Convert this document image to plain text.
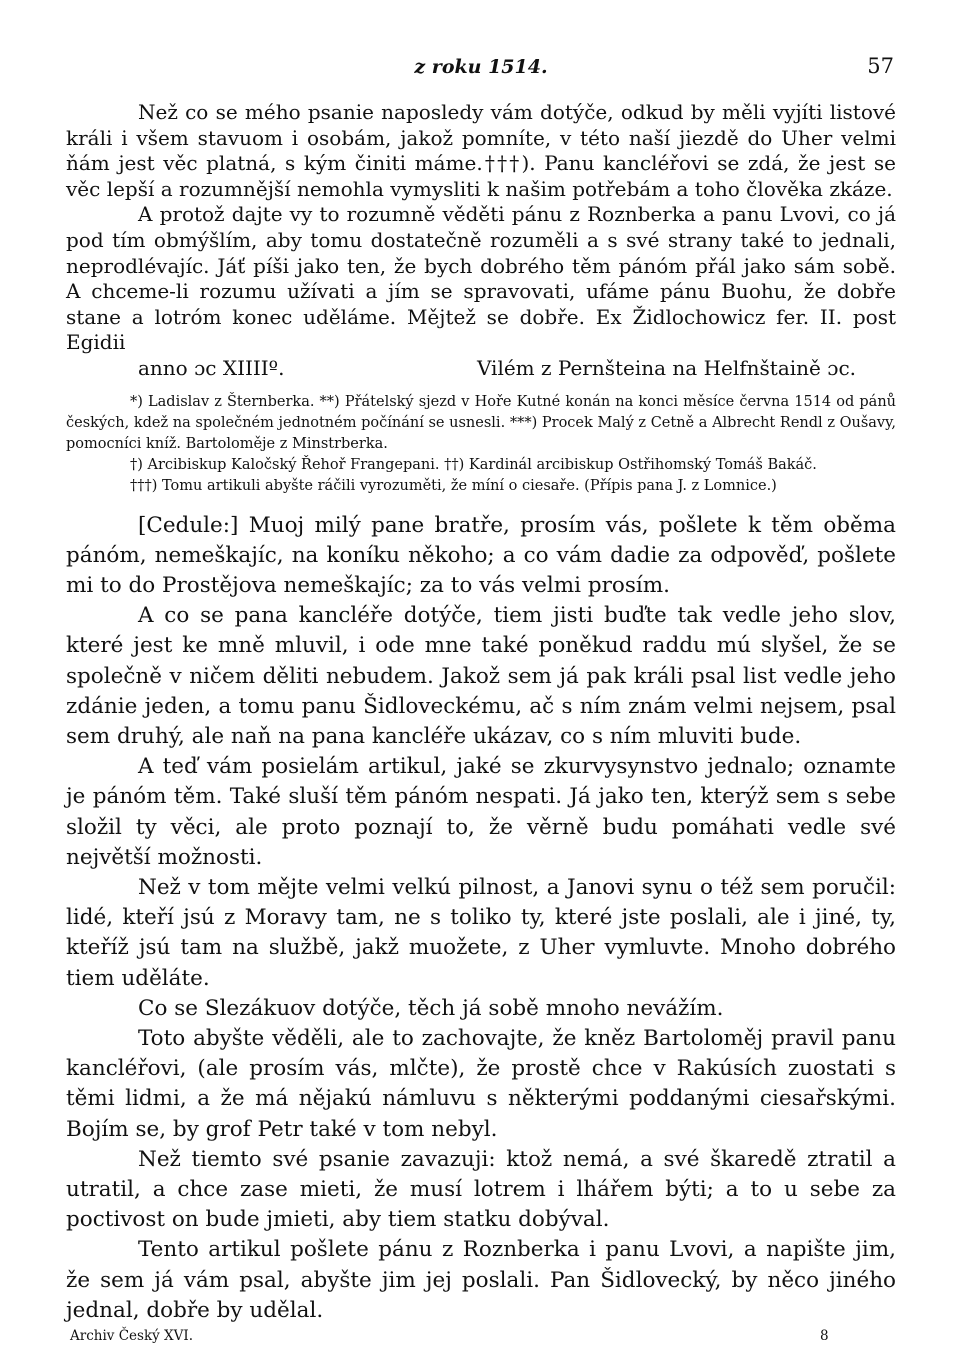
z roku 1514.	57

Než co se mého psanie naposledy vám dotýče, odkud by měli vyjíti listové králi i všem stavuom i osobám, jakož pomníte, v této naší jiezdě do Uher velmi ňám jest věc platná, s kým činiti máme.†††). Panu kancléřovi se zdá, že jest se věc lepší a rozumnější nemohla vymysliti k našim potřebám a toho člověka zkáze.

A protož dajte vy to rozumně věděti pánu z Roznberka a panu Lvovi, co já pod tím obmýšlím, aby tomu dostatečně rozuměli a s své strany také to jednali, neprodlévajíc. Jáť píši jako ten, že bych dobrého těm pánóm přál jako sám sobě. A chceme-li rozumu užívati a jím se spravovati, ufáme pánu Buohu, že dobře stane a lotróm konec uděláme. Mějtež se dobře. Ex Židlochowicz fer. II. post Egidii

anno ɔc XIIIIº.	Vilém z Pernšteina na Helfnštaině ɔc.

*) Ladislav z Šternberka. **) Přátelský sjezd v Hoře Kutné konán na konci měsíce června 1514 od pánů českých, kdež na společném jednotném počínání se usnesli. ***) Procek Malý z Cetně a Albrecht Rendl z Oušavy, pomocníci kníž. Bartoloměje z Minstrberka.

†) Arcibiskup Kaločský Řehoř Frangepani. ††) Kardinál arcibiskup Ostřihomský Tomáš Bakáč.

†††) Tomu artikuli abyšte ráčili vyrozuměti, že míní o ciesaře. (Přípis pana J. z Lomnice.)

[Cedule:] Muoj milý pane bratře, prosím vás, pošlete k těm oběma pánóm, nemeškajíc, na koníku někoho; a co vám dadie za odpověď, pošlete mi to do Prostějova nemeškajíc; za to vás velmi prosím.

A co se pana kancléře dotýče, tiem jisti buďte tak vedle jeho slov, které jest ke mně mluvil, i ode mne také poněkud raddu mú slyšel, že se společně v ničem děliti nebudem. Jakož sem já pak králi psal list vedle jeho zdánie jeden, a tomu panu Šidloveckému, ač s ním znám velmi nejsem, psal sem druhý, ale naň na pana kancléře ukázav, co s ním mluviti bude.

A teď vám posielám artikul, jaké se zkurvysynstvo jednalo; oznamte je pánóm těm. Také sluší těm pánóm nespati. Já jako ten, kterýž sem s sebe složil ty věci, ale proto poznají to, že věrně budu pomáhati vedle své největší možnosti.

Než v tom mějte velmi velkú pilnost, a Janovi synu o též sem poručil: lidé, kteří jsú z Moravy tam, ne s toliko ty, které jste poslali, ale i jiné, ty, kteříž jsú tam na službě, jakž muožete, z Uher vymluvte. Mnoho dobrého tiem uděláte.

Co se Slezákuov dotýče, těch já sobě mnoho nevážím.

Toto abyšte věděli, ale to zachovajte, že kněz Bartoloměj pravil panu kancléřovi, (ale prosím vás, mlčte), že prostě chce v Rakúsích zuostati s těmi lidmi, a že má nějakú námluvu s některými poddanými ciesařskými. Bojím se, by grof Petr také v tom nebyl.

Než tiemto své psanie zavazuji: ktož nemá, a své škaredě ztratil a utratil, a chce zase mieti, že musí lotrem i lhářem býti; a to u sebe za poctivost on bude jmieti, aby tiem statku dobýval.

Tento artikul pošlete pánu z Roznberka i panu Lvovi, a napište jim, že sem já vám psal, abyšte jim jej poslali. Pan Šidlovecký, by něco jiného jednal, dobře by udělal.

Archiv Český XVI.	8
